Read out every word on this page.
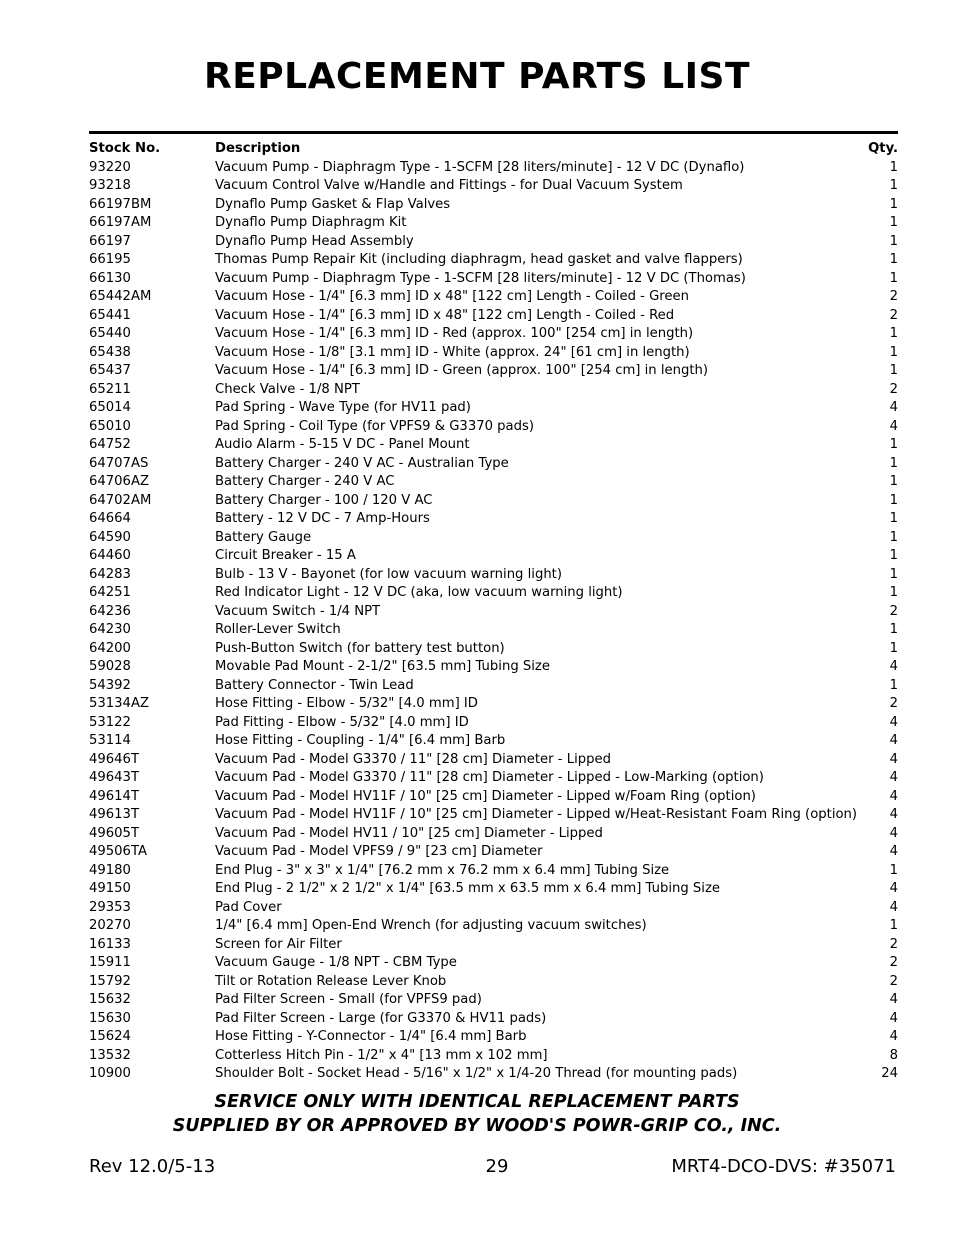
REPLACEMENT PARTS LIST
Stock No.	Description	Qty.
93220	Vacuum Pump - Diaphragm Type - 1-SCFM [28 liters/minute] - 12 V DC (Dynaflo)	1
93218	Vacuum Control Valve w/Handle and Fittings - for Dual Vacuum System	1
66197BM	Dynaflo Pump Gasket & Flap Valves	1
66197AM	Dynaflo Pump Diaphragm Kit	1
66197	Dynaflo Pump Head Assembly	1
66195	Thomas Pump Repair Kit (including diaphragm, head gasket and valve flappers)	1
66130	Vacuum Pump - Diaphragm Type - 1-SCFM [28 liters/minute] - 12 V DC (Thomas)	1
65442AM	Vacuum Hose - 1/4" [6.3 mm] ID x 48" [122 cm] Length - Coiled - Green	2
65441	Vacuum Hose - 1/4" [6.3 mm] ID x 48" [122 cm] Length - Coiled - Red	2
65440	Vacuum Hose - 1/4" [6.3 mm] ID - Red (approx. 100" [254 cm] in length)	1
65438	Vacuum Hose - 1/8" [3.1 mm] ID - White (approx. 24" [61 cm] in length)	1
65437	Vacuum Hose - 1/4" [6.3 mm] ID - Green (approx. 100" [254 cm] in length)	1
65211	Check Valve - 1/8 NPT	2
65014	Pad Spring - Wave Type (for HV11 pad)	4
65010	Pad Spring - Coil Type (for VPFS9 & G3370 pads)	4
64752	Audio Alarm - 5-15 V DC - Panel Mount	1
64707AS	Battery Charger - 240 V AC - Australian Type	1
64706AZ	Battery Charger - 240 V AC	1
64702AM	Battery Charger - 100 / 120 V AC	1
64664	Battery - 12 V DC - 7 Amp-Hours	1
64590	Battery Gauge	1
64460	Circuit Breaker - 15 A	1
64283	Bulb - 13 V - Bayonet (for low vacuum warning light)	1
64251	Red Indicator Light - 12 V DC (aka, low vacuum warning light)	1
64236	Vacuum Switch - 1/4 NPT	2
64230	Roller-Lever Switch	1
64200	Push-Button Switch (for battery test button)	1
59028	Movable Pad Mount - 2-1/2" [63.5 mm] Tubing Size	4
54392	Battery Connector - Twin Lead	1
53134AZ	Hose Fitting - Elbow - 5/32" [4.0 mm] ID	2
53122	Pad Fitting - Elbow - 5/32" [4.0 mm] ID	4
53114	Hose Fitting - Coupling - 1/4" [6.4 mm] Barb	4
49646T	Vacuum Pad - Model G3370 / 11" [28 cm] Diameter - Lipped	4
49643T	Vacuum Pad - Model G3370 / 11" [28 cm] Diameter - Lipped - Low-Marking (option)	4
49614T	Vacuum Pad - Model HV11F / 10" [25 cm] Diameter - Lipped w/Foam Ring (option)	4
49613T	Vacuum Pad - Model HV11F / 10" [25 cm] Diameter - Lipped w/Heat-Resistant Foam Ring (option) 4
49605T	Vacuum Pad - Model HV11 / 10" [25 cm] Diameter - Lipped	4
49506TA	Vacuum Pad - Model VPFS9 / 9" [23 cm] Diameter	4
49180	End Plug - 3" x 3" x 1/4" [76.2 mm x 76.2 mm x 6.4 mm] Tubing Size	1
49150	End Plug - 2 1/2" x 2 1/2" x 1/4" [63.5 mm x 63.5 mm x 6.4 mm] Tubing Size	4
29353	Pad Cover	4
20270	1/4" [6.4 mm] Open-End Wrench (for adjusting vacuum switches)	1
16133	Screen for Air Filter	2
15911	Vacuum Gauge - 1/8 NPT - CBM Type	2
15792	Tilt or Rotation Release Lever Knob	2
15632	Pad Filter Screen - Small (for VPFS9 pad)	4
15630	Pad Filter Screen - Large (for G3370 & HV11 pads)	4
15624	Hose Fitting - Y-Connector - 1/4" [6.4 mm] Barb	4
13532	Cotterless Hitch Pin - 1/2" x 4" [13 mm x 102 mm]	8
10900	Shoulder Bolt - Socket Head - 5/16" x 1/2" x 1/4-20 Thread (for mounting pads)	24
SERVICE ONLY WITH IDENTICAL REPLACEMENT PARTS
SUPPLIED BY OR APPROVED BY WOOD'S POWR-GRIP CO., INC.
Rev 12.0/5-13	29	MRT4-DCO-DVS: #35071
